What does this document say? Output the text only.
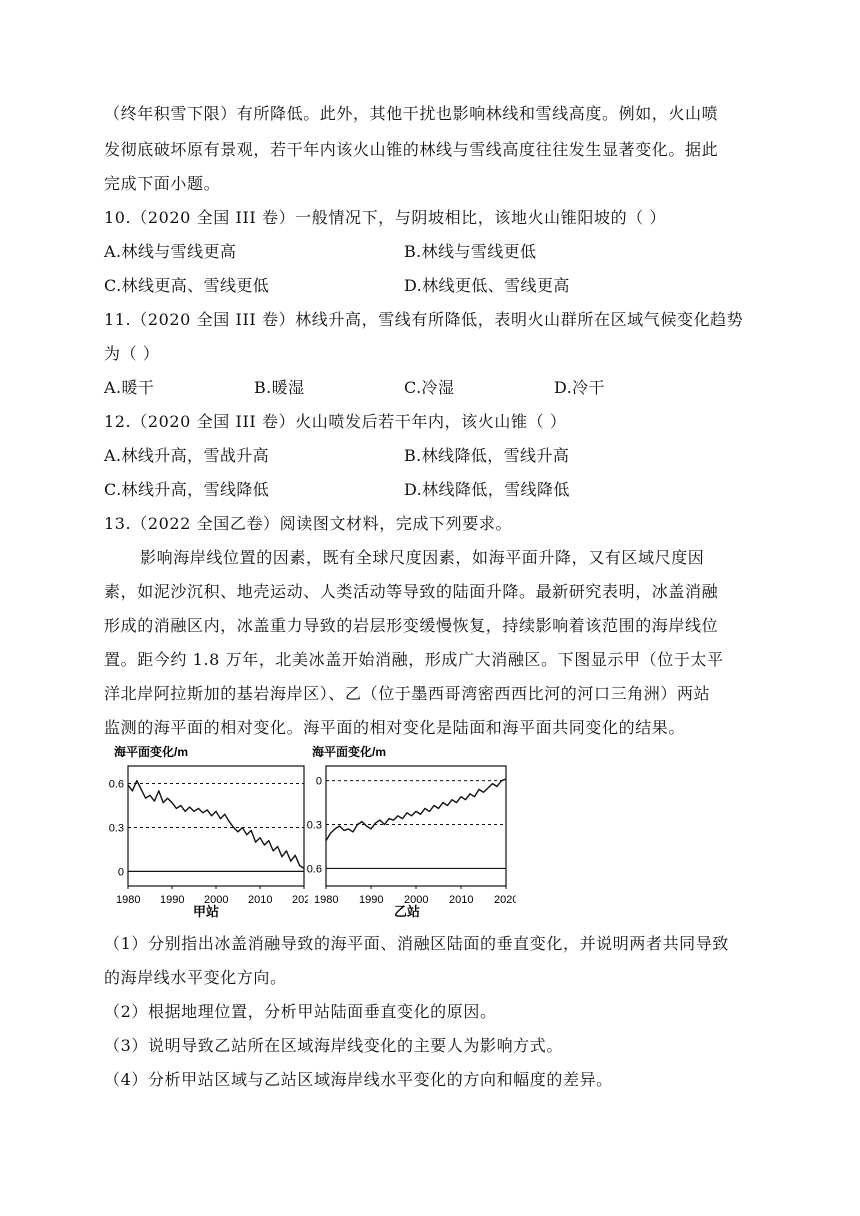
（终年积雪下限）有所降低。此外，其他干扰也影响林线和雪线高度。例如，火山喷
发彻底破坏原有景观，若干年内该火山锥的林线与雪线高度往往发生显著变化。据此
完成下面小题。
10.（2020 全国 III 卷）一般情况下，与阴坡相比，该地火山锥阳坡的（ ）
A.林线与雪线更高	B.林线与雪线更低
C.林线更高、雪线更低	D.林线更低、雪线更高
11.（2020 全国 III 卷）林线升高，雪线有所降低，表明火山群所在区域气候变化趋势
为（ ）
A.暖干	B.暖湿	C.冷湿	D.冷干
12.（2020 全国 III 卷）火山喷发后若干年内，该火山锥（ ）
A.林线升高，雪战升高	B.林线降低，雪线升高
C.林线升高，雪线降低	D.林线降低，雪线降低
13.（2022 全国乙卷）阅读图文材料，完成下列要求。
影响海岸线位置的因素，既有全球尺度因素，如海平面升降，又有区域尺度因
素，如泥沙沉积、地壳运动、人类活动等导致的陆面升降。最新研究表明，冰盖消融
形成的消融区内，冰盖重力导致的岩层形变缓慢恢复，持续影响着该范围的海岸线位
置。距今约 1.8 万年，北美冰盖开始消融，形成广大消融区。下图显示甲（位于太平
洋北岸阿拉斯加的基岩海岸区）、乙（位于墨西哥湾密西西比河的河口三角洲）两站
监测的海平面的相对变化。海平面的相对变化是陆面和海平面共同变化的结果。
海平面变化/m
0.6
0.3
0
1980 1990 2000 2010 202
甲站
海平面变化/m
0
0.3
0.6
1980 1990 2000 2010 2020
乙站
（1）分别指出冰盖消融导致的海平面、消融区陆面的垂直变化，并说明两者共同导致
的海岸线水平变化方向。
（2）根据地理位置，分析甲站陆面垂直变化的原因。
（3）说明导致乙站所在区域海岸线变化的主要人为影响方式。
（4）分析甲站区域与乙站区域海岸线水平变化的方向和幅度的差异。
